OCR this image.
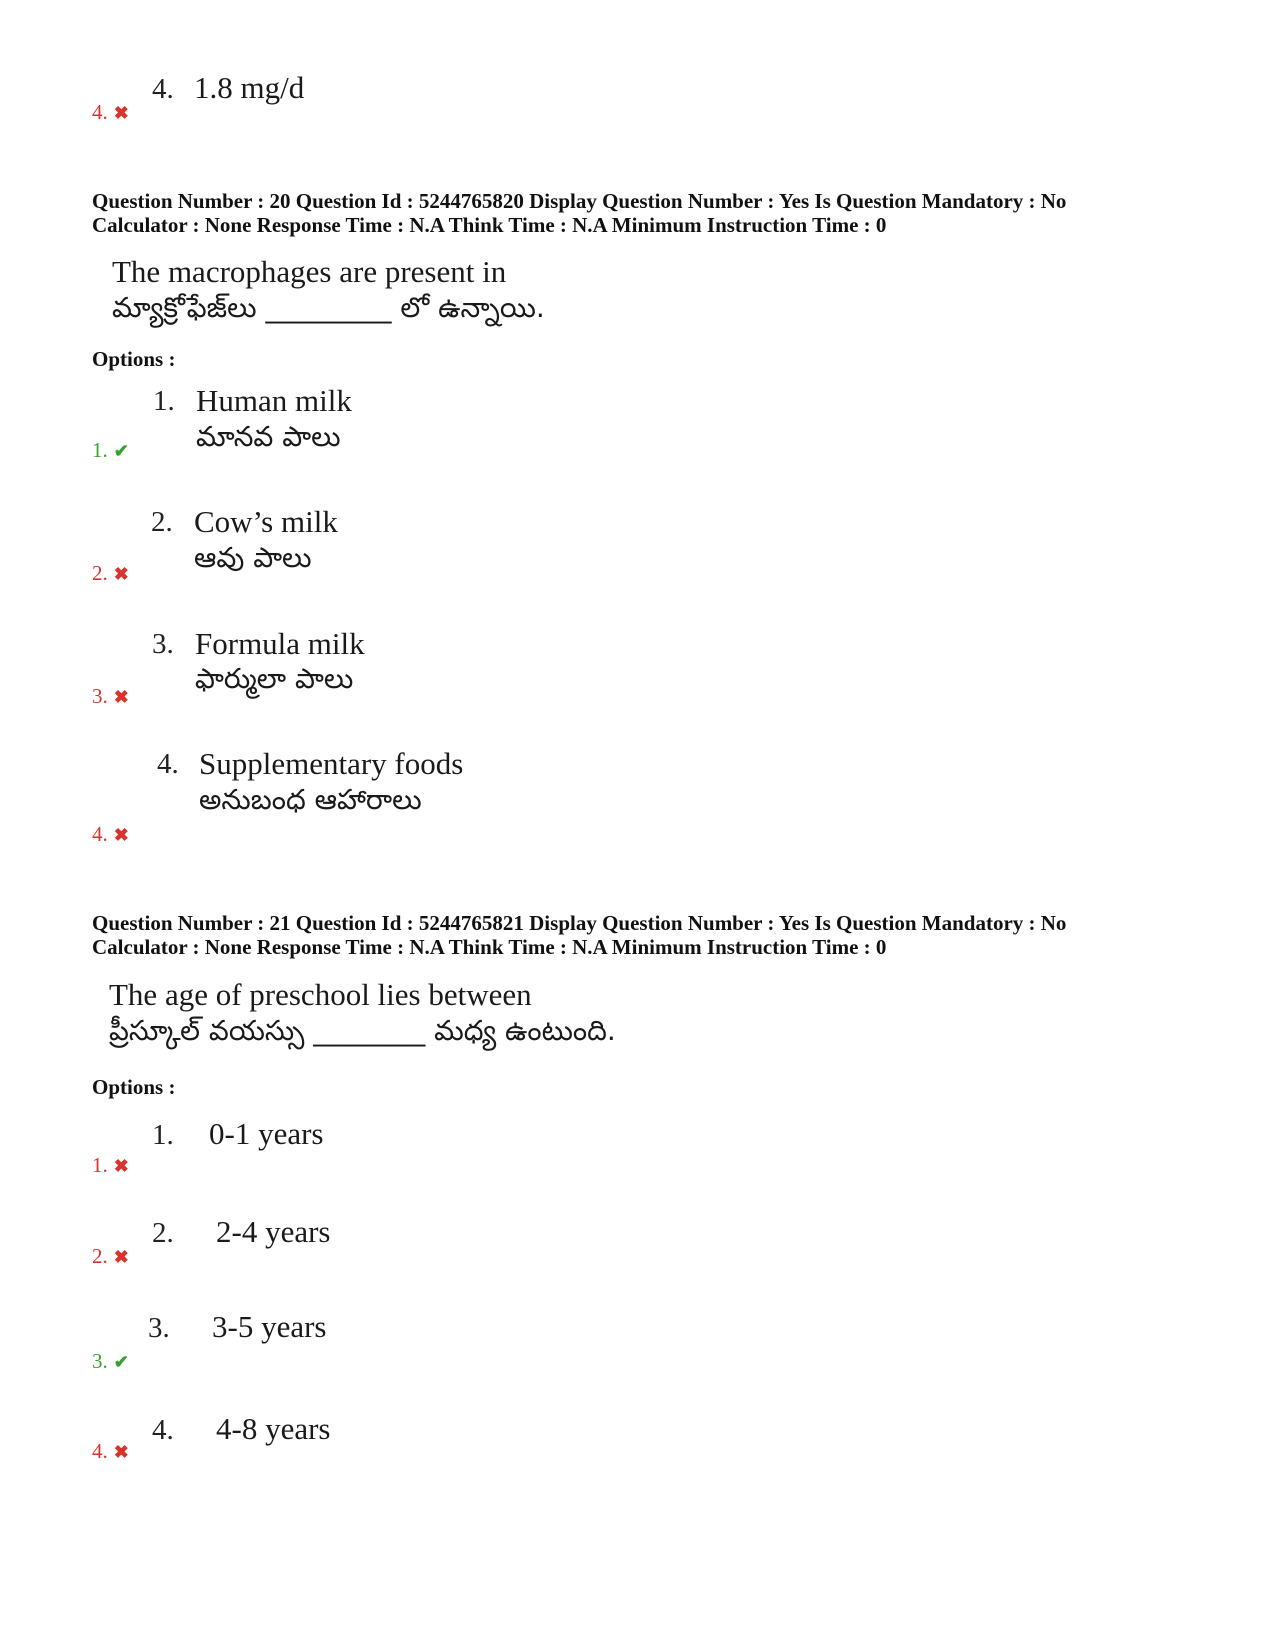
4. 1.8 mg/d
4. ✖
Question Number : 20 Question Id : 5244765820 Display Question Number : Yes Is Question Mandatory : No
Calculator : None Response Time : N.A Think Time : N.A Minimum Instruction Time : 0
The macrophages are present in
మ్యాక్రోఫేజ్‌లు _________ లో ఉన్నాయి.
Options :
1. Human milk
మానవ పాలు
1. ✔
2. Cow’s milk
ఆవు పాలు
2. ✖
3. Formula milk
ఫార్ములా పాలు
3. ✖
4. Supplementary foods
అనుబంధ ఆహారాలు
4. ✖
Question Number : 21 Question Id : 5244765821 Display Question Number : Yes Is Question Mandatory : No
Calculator : None Response Time : N.A Think Time : N.A Minimum Instruction Time : 0
The age of preschool lies between
ప్రీస్కూల్ వయస్సు ________ మధ్య ఉంటుంది.
Options :
1. 0-1 years
1. ✖
2. 2-4 years
2. ✖
3. 3-5 years
3. ✔
4. 4-8 years
4. ✖
